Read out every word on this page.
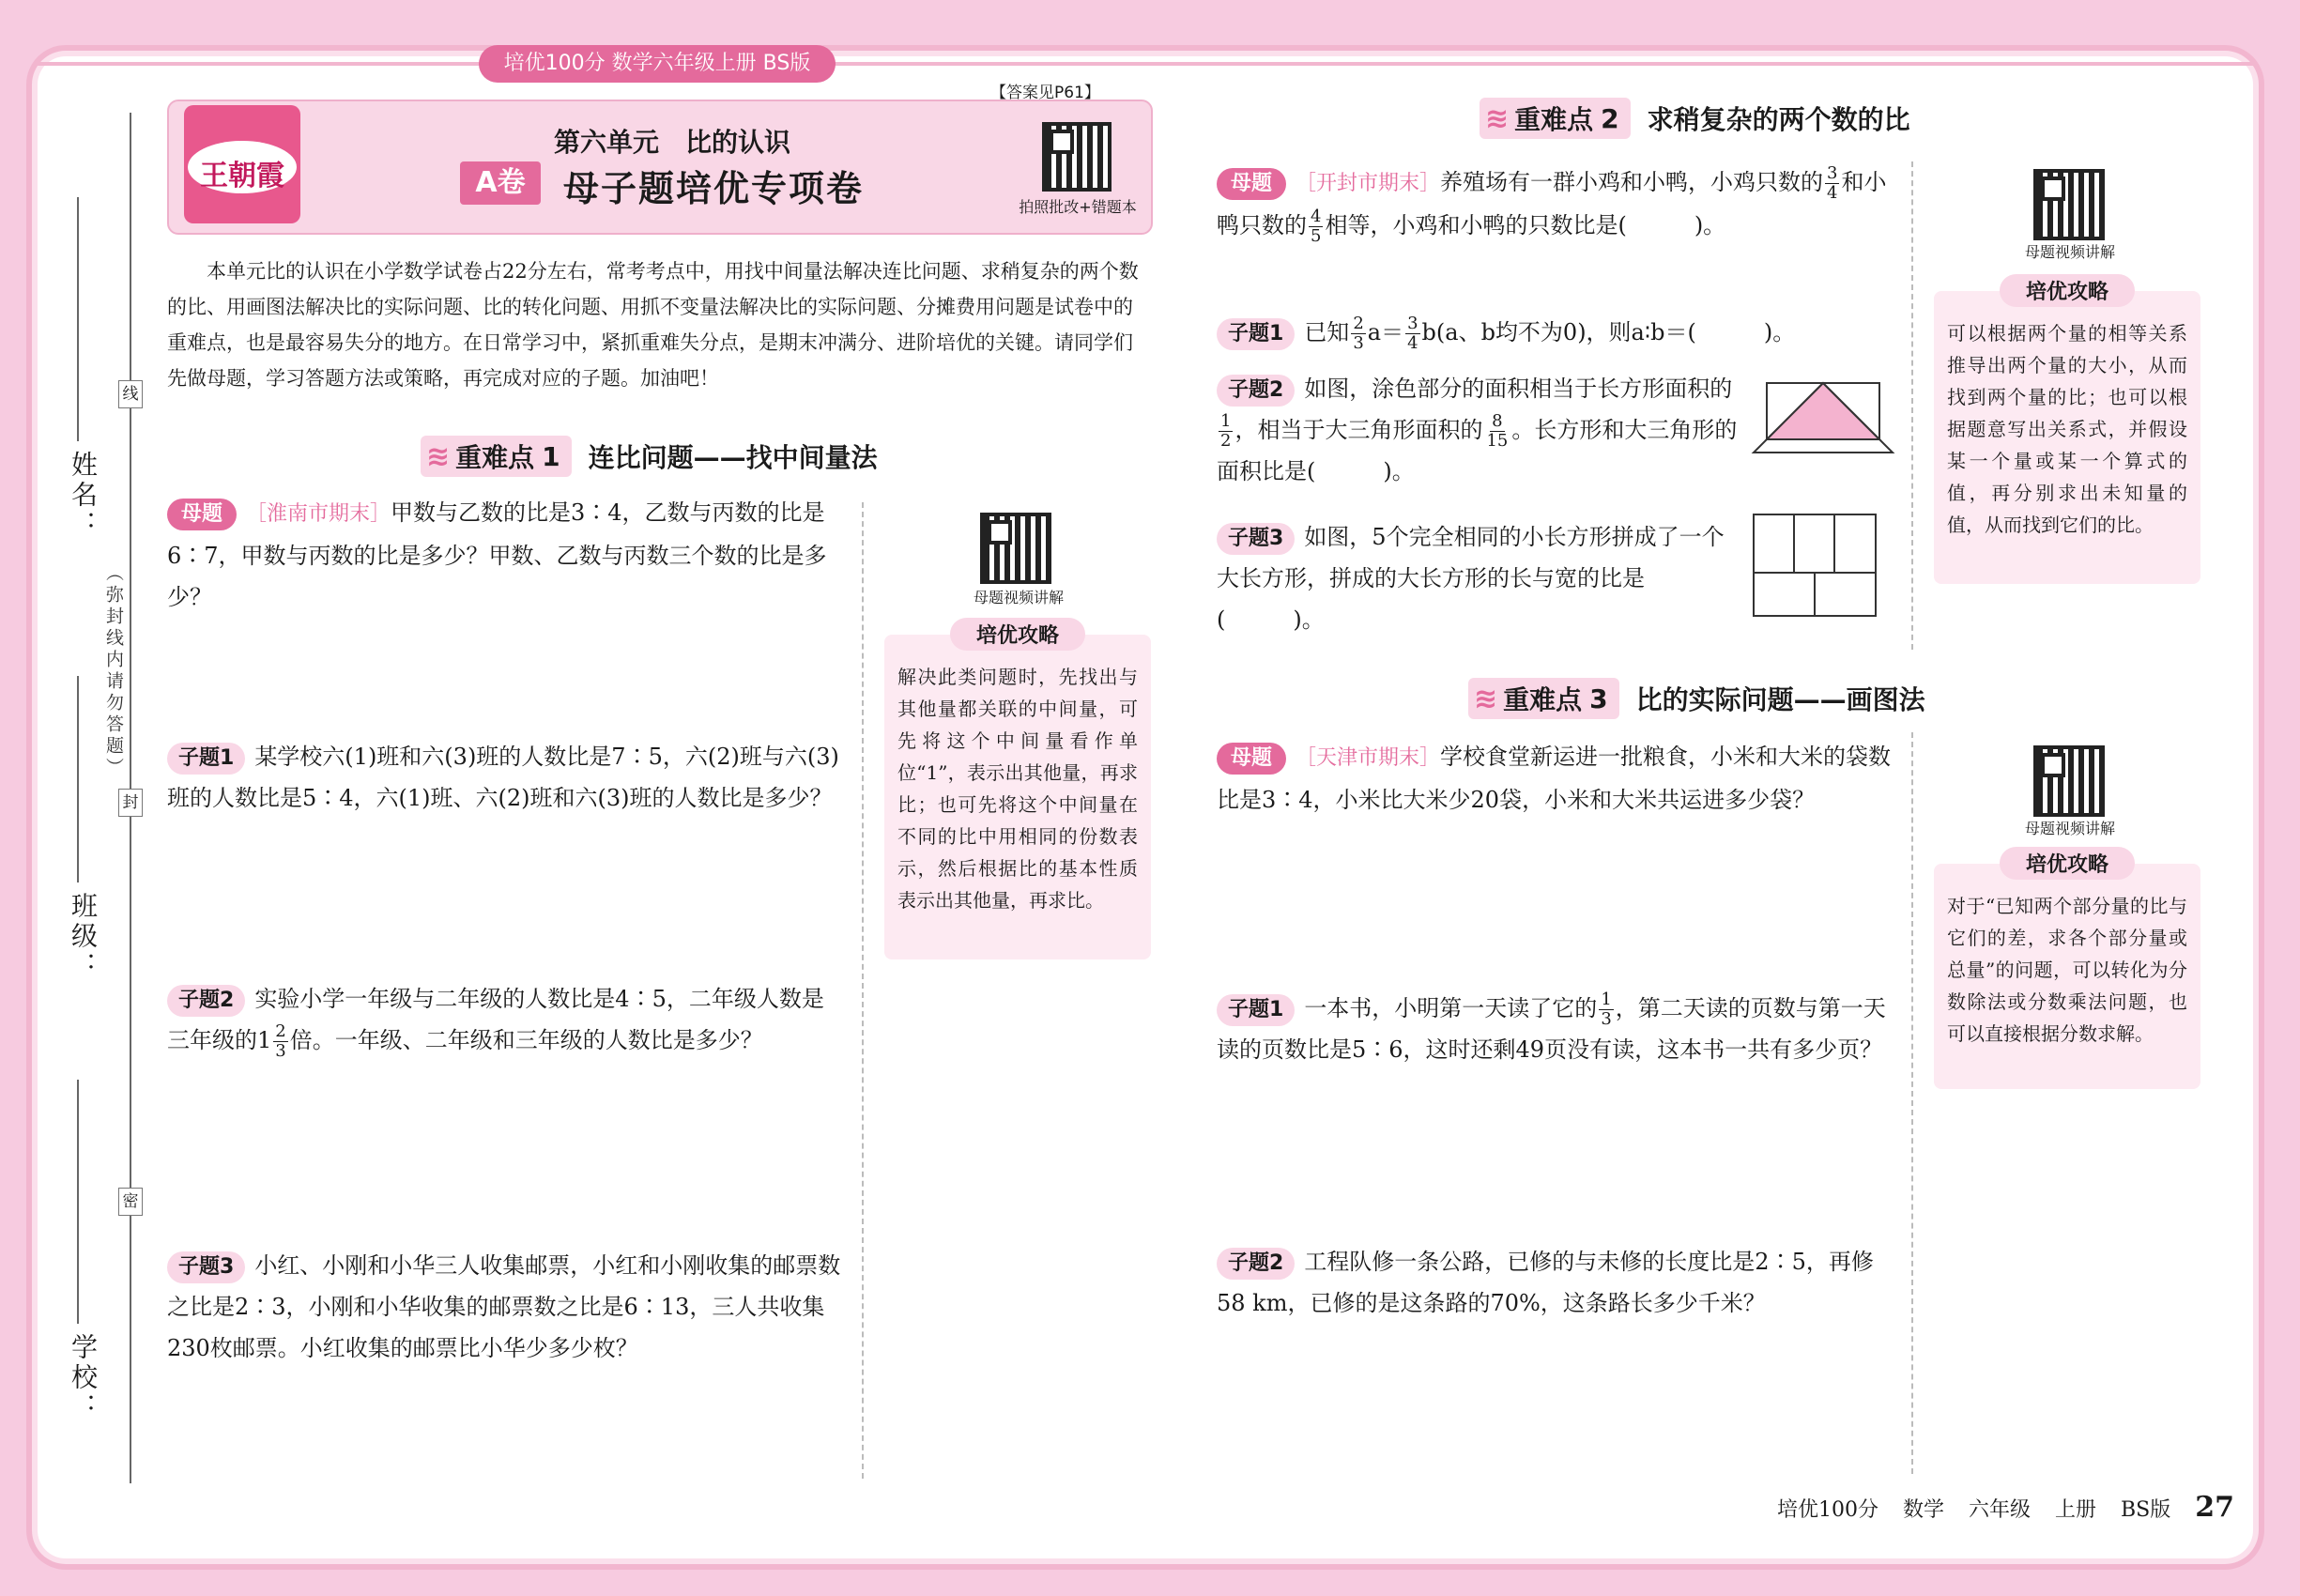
培优100分 数学六年级上册 BS版
姓名：
班级：
学校：
线
封
密
（弥封线内请勿答题）
王朝霞
第六单元　比的认识
A卷	母子题培优专项卷
【答案见P61】
拍照批改+错题本
本单元比的认识在小学数学试卷占22分左右，常考考点中，用找中间量法解决连比问题、求稍复杂的两个数的比、用画图法解决比的实际问题、比的转化问题、用抓不变量法解决比的实际问题、分摊费用问题是试卷中的重难点，也是最容易失分的地方。在日常学习中，紧抓重难失分点，是期末冲满分、进阶培优的关键。请同学们先做母题，学习答题方法或策略，再完成对应的子题。加油吧！
≋ 重难点 1 连比问题——找中间量法
母题 ［淮南市期末］甲数与乙数的比是3∶4，乙数与丙数的比是6∶7，甲数与丙数的比是多少？甲数、乙数与丙数三个数的比是多少？	母题视频讲解
培优攻略
解决此类问题时，先找出与其他量都关联的中间量，可先将这个中间量看作单位“1”，表示出其他量，再求比；也可先将这个中间量在不同的比中用相同的份数表示，然后根据比的基本性质表示出其他量，再求比。
子题1 某学校六(1)班和六(3)班的人数比是7∶5，六(2)班与六(3)班的人数比是5∶4，六(1)班、六(2)班和六(3)班的人数比是多少？
子题2 实验小学一年级与二年级的人数比是4∶5，二年级人数是三年级的$1 \frac{2}{3}$ 倍。一年级、二年级和三年级的人数比是多少？
子题3 小红、小刚和小华三人收集邮票，小红和小刚收集的邮票数之比是2∶3，小刚和小华收集的邮票数之比是6∶13，三人共收集230枚邮票。小红收集的邮票比小华少多少枚？
≋ 重难点 2 求稍复杂的两个数的比
母题 ［开封市期末］养殖场有一群小鸡和小鸭，小鸡只数的 $\frac{3}{4}$ 和小鸭只数的 $\frac{4}{5}$ 相等，小鸡和小鸭的只数比是(　　　)。
母题视频讲解
培优攻略
可以根据两个量的相等关系推导出两个量的大小，从而找到两个量的比；也可以根据题意写出关系式，并假设某一个量或某一个算式的值，再分别求出未知量的值，从而找到它们的比。
子题1 已知 $\frac{2}{3} a= \frac{3}{4} b(a$、b均不为0)，则a∶b＝(　　　)。
子题2 如图，涂色部分的面积相当于长方形面积的
$\frac{1}{2}$ ，相当于大三角形面积的 $\frac{8}{15}$ 。长方形和大三角形的面积比是(　　　)。
子题3 如图，5个完全相同的小长方形拼成了一个大长方形，拼成的大长方形的长与宽的比是(　　　)。
≋ 重难点 3 比的实际问题——画图法
母题 ［天津市期末］学校食堂新运进一批粮食，小米和大米的袋数比是3∶4，小米比大米少20袋，小米和大米共运进多少袋？
母题视频讲解
培优攻略
对于“已知两个部分量的比与它们的差，求各个部分量或总量”的问题，可以转化为分数除法或分数乘法问题，也可以直接根据分数求解。
子题1 一本书，小明第一天读了它的 $\frac{1}{3}$ ，第二天读的页数与第一天读的页数比是5∶6，这时还剩49页没有读，这本书一共有多少页？
子题2 工程队修一条公路，已修的与未修的长度比是2∶5，再修58 km，已修的是这条路的70%，这条路长多少千米？
培优100分 数学 六年级 上册 BS版 27
